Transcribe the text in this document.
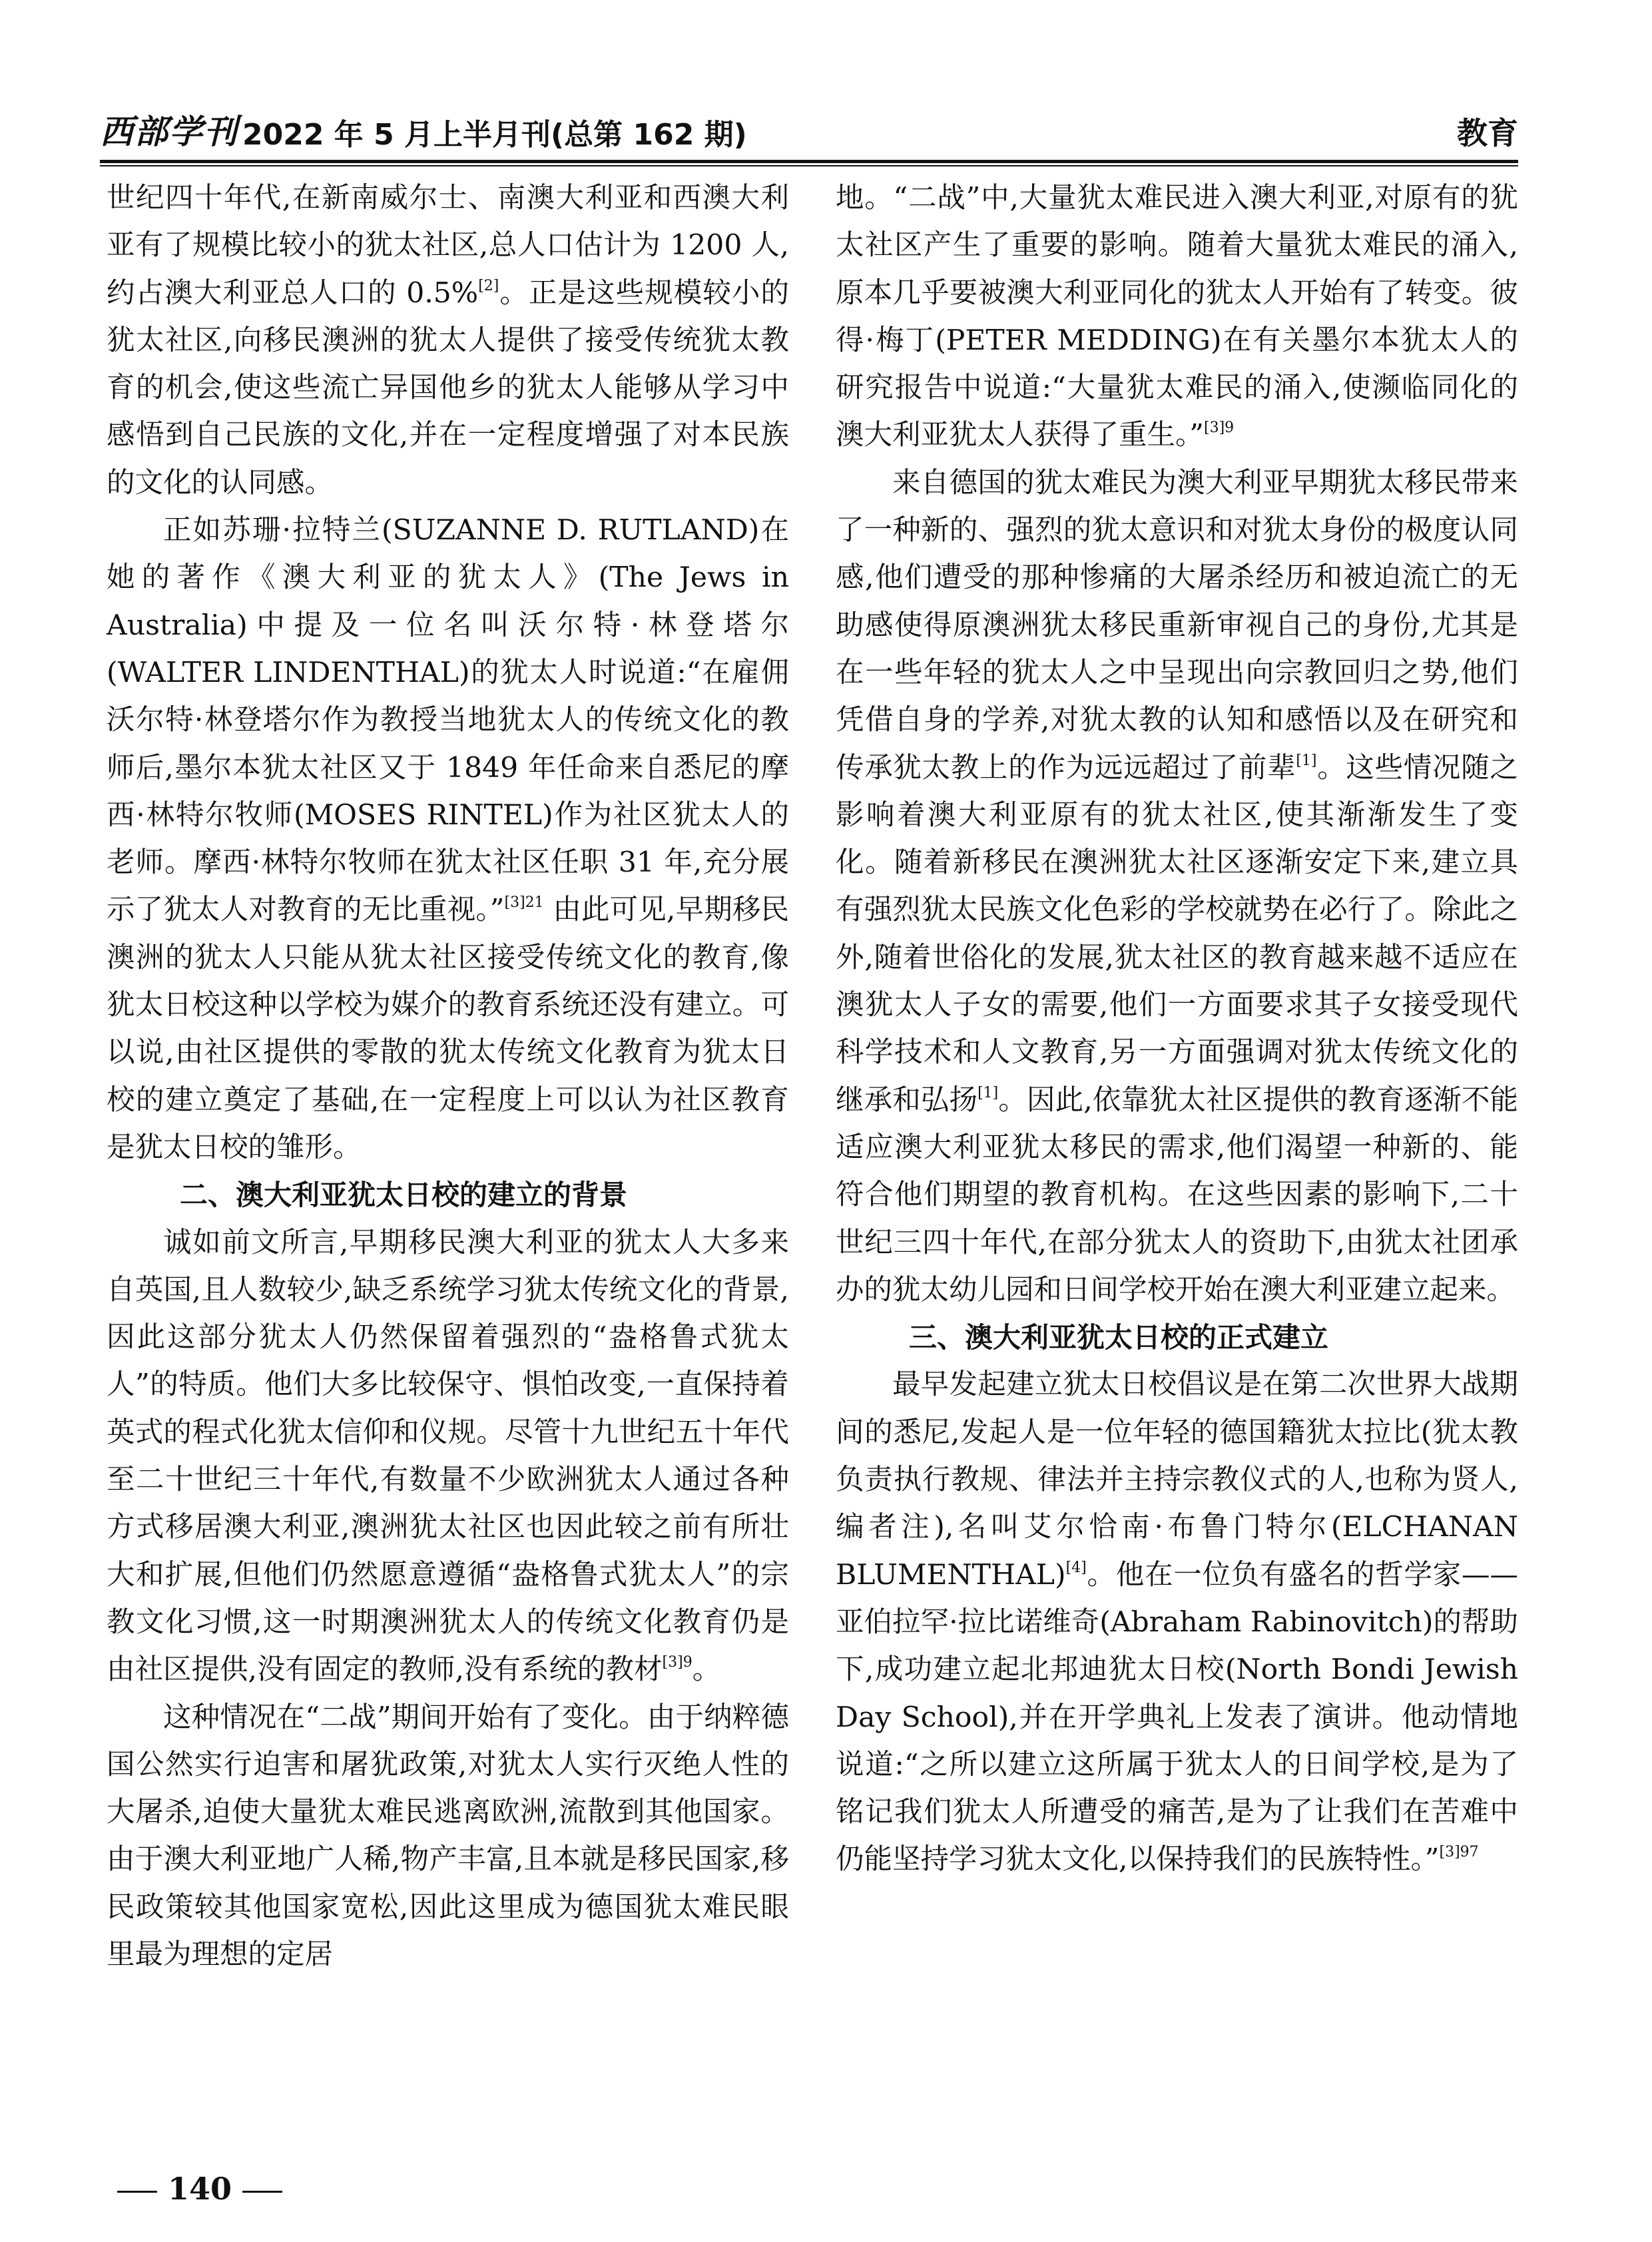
西部学刊 2022 年 5 月上半月刊(总第 162 期)	教育

世纪四十年代,在新南威尔士、南澳大利亚和西澳大利亚有了规模比较小的犹太社区,总人口估计为 1200 人,约占澳大利亚总人口的 0.5%[2]。正是这些规模较小的犹太社区,向移民澳洲的犹太人提供了接受传统犹太教育的机会,使这些流亡异国他乡的犹太人能够从学习中感悟到自己民族的文化,并在一定程度增强了对本民族的文化的认同感。

正如苏珊·拉特兰(SUZANNE D. RUTLAND)在她的著作《澳大利亚的犹太人》(The Jews in Australia)中提及一位名叫沃尔特·林登塔尔(WALTER LINDENTHAL)的犹太人时说道:“在雇佣沃尔特·林登塔尔作为教授当地犹太人的传统文化的教师后,墨尔本犹太社区又于 1849 年任命来自悉尼的摩西·林特尔牧师(MOSES RINTEL)作为社区犹太人的老师。摩西·林特尔牧师在犹太社区任职 31 年,充分展示了犹太人对教育的无比重视。”$^{[3]21}$ 由此可见,早期移民澳洲的犹太人只能从犹太社区接受传统文化的教育,像犹太日校这种以学校为媒介的教育系统还没有建立。可以说,由社区提供的零散的犹太传统文化教育为犹太日校的建立奠定了基础,在一定程度上可以认为社区教育是犹太日校的雏形。

二、澳大利亚犹太日校的建立的背景

诚如前文所言,早期移民澳大利亚的犹太人大多来自英国,且人数较少,缺乏系统学习犹太传统文化的背景,因此这部分犹太人仍然保留着强烈的“盎格鲁式犹太人”的特质。他们大多比较保守、惧怕改变,一直保持着英式的程式化犹太信仰和仪规。尽管十九世纪五十年代至二十世纪三十年代,有数量不少欧洲犹太人通过各种方式移居澳大利亚,澳洲犹太社区也因此较之前有所壮大和扩展,但他们仍然愿意遵循“盎格鲁式犹太人”的宗教文化习惯,这一时期澳洲犹太人的传统文化教育仍是由社区提供,没有固定的教师,没有系统的教材$^{[3]9}$。

这种情况在“二战”期间开始有了变化。由于纳粹德国公然实行迫害和屠犹政策,对犹太人实行灭绝人性的大屠杀,迫使大量犹太难民逃离欧洲,流散到其他国家。由于澳大利亚地广人稀,物产丰富,且本就是移民国家,移民政策较其他国家宽松,因此这里成为德国犹太难民眼里最为理想的定居

地。“二战”中,大量犹太难民进入澳大利亚,对原有的犹太社区产生了重要的影响。随着大量犹太难民的涌入,原本几乎要被澳大利亚同化的犹太人开始有了转变。彼得·梅丁(PETER MEDDING)在有关墨尔本犹太人的研究报告中说道:“大量犹太难民的涌入,使濒临同化的澳大利亚犹太人获得了重生。”$^{[3]9}$

来自德国的犹太难民为澳大利亚早期犹太移民带来了一种新的、强烈的犹太意识和对犹太身份的极度认同感,他们遭受的那种惨痛的大屠杀经历和被迫流亡的无助感使得原澳洲犹太移民重新审视自己的身份,尤其是在一些年轻的犹太人之中呈现出向宗教回归之势,他们凭借自身的学养,对犹太教的认知和感悟以及在研究和传承犹太教上的作为远远超过了前辈[1]。这些情况随之影响着澳大利亚原有的犹太社区,使其渐渐发生了变化。随着新移民在澳洲犹太社区逐渐安定下来,建立具有强烈犹太民族文化色彩的学校就势在必行了。除此之外,随着世俗化的发展,犹太社区的教育越来越不适应在澳犹太人子女的需要,他们一方面要求其子女接受现代科学技术和人文教育,另一方面强调对犹太传统文化的继承和弘扬[1]。因此,依靠犹太社区提供的教育逐渐不能适应澳大利亚犹太移民的需求,他们渴望一种新的、能符合他们期望的教育机构。在这些因素的影响下,二十世纪三四十年代,在部分犹太人的资助下,由犹太社团承办的犹太幼儿园和日间学校开始在澳大利亚建立起来。

三、澳大利亚犹太日校的正式建立

最早发起建立犹太日校倡议是在第二次世界大战期间的悉尼,发起人是一位年轻的德国籍犹太拉比(犹太教负责执行教规、律法并主持宗教仪式的人,也称为贤人,编者注),名叫艾尔恰南·布鲁门特尔(ELCHANAN BLUMENTHAL)[4]。他在一位负有盛名的哲学家——亚伯拉罕·拉比诺维奇(Abraham Rabinovitch)的帮助下,成功建立起北邦迪犹太日校(North Bondi Jewish Day School),并在开学典礼上发表了演讲。他动情地说道:“之所以建立这所属于犹太人的日间学校,是为了铭记我们犹太人所遭受的痛苦,是为了让我们在苦难中仍能坚持学习犹太文化,以保持我们的民族特性。”$^{[3]97}$

140
